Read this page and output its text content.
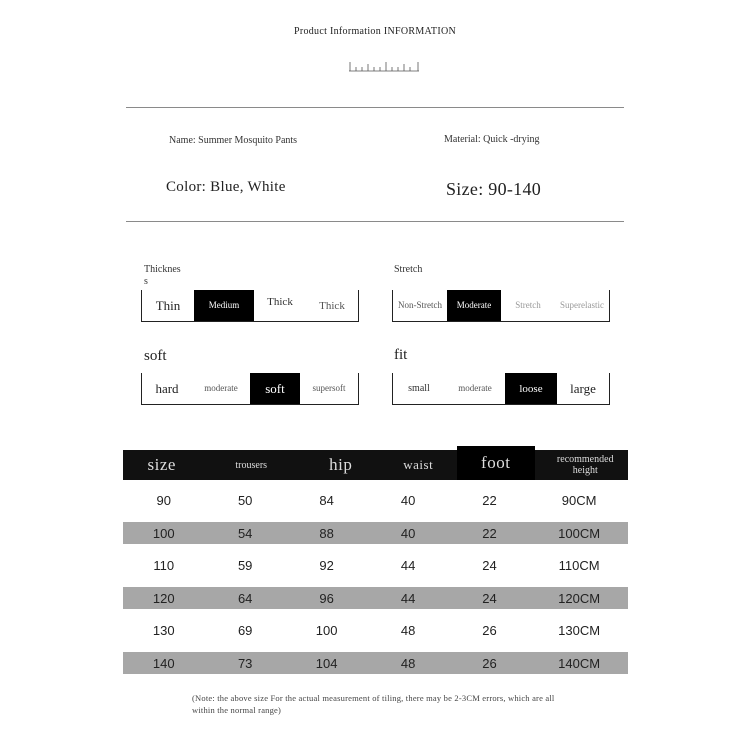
Product Information INFORMATION
Name: Summer Mosquito Pants	Material: Quick -drying
Color: Blue, White	Size: 90-140
Thickness
Thin	Medium	Thick	Thick
Stretch
Non-Stretch	Moderate	Stretch	Superelastic
soft
hard	moderate	soft	supersoft
fit
small	moderate	loose	large
size	trousers	hip	waist	foot	recommended height
90	50	84	40	22	90CM
100	54	88	40	22	100CM
110	59	92	44	24	110CM
120	64	96	44	24	120CM
130	69	100	48	26	130CM
140	73	104	48	26	140CM
(Note: the above size For the actual measurement of tiling, there may be 2-3CM errors, which are all within the normal range)
